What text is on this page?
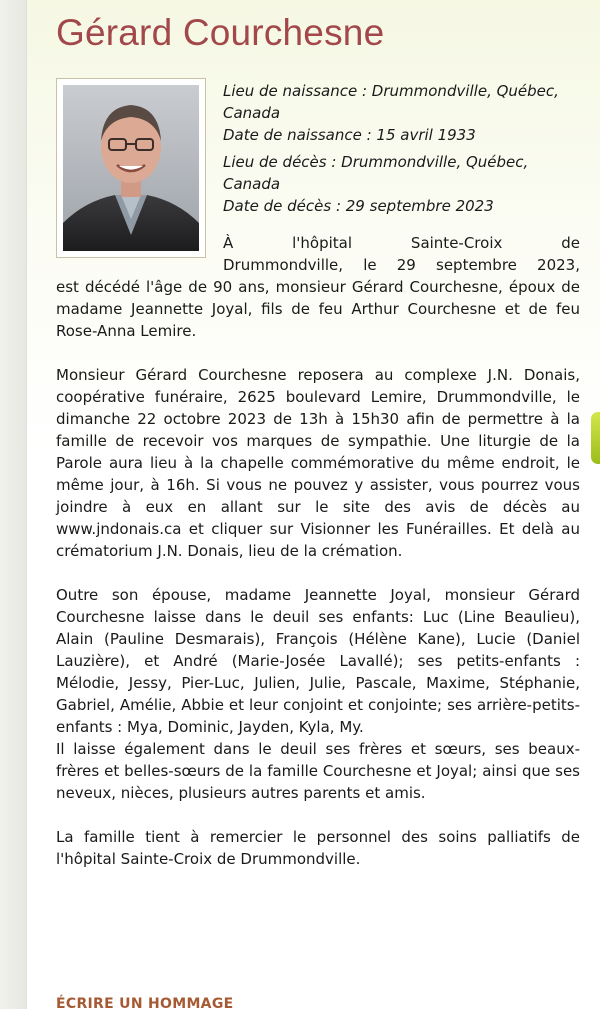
Gérard Courchesne

Lieu de naissance : Drummondville, Québec, Canada

Date de naissance : 15 avril 1933

Lieu de décès : Drummondville, Québec, Canada

Date de décès : 29 septembre 2023

À l'hôpital Sainte-Croix de
Drummondville, le 29 septembre 2023,

est décédé l'âge de 90 ans, monsieur Gérard Courchesne, époux de madame Jeannette Joyal, fils de feu Arthur Courchesne et de feu Rose-Anna Lemire.

Monsieur Gérard Courchesne reposera au complexe J.N. Donais, coopérative funéraire, 2625 boulevard Lemire, Drummondville, le dimanche 22 octobre 2023 de 13h à 15h30 afin de permettre à la famille de recevoir vos marques de sympathie. Une liturgie de la Parole aura lieu à la chapelle commémorative du même endroit, le même jour, à 16h. Si vous ne pouvez y assister, vous pourrez vous joindre à eux en allant sur le site des avis de décès au www.jndonais.ca et cliquer sur Visionner les Funérailles. Et delà au crématorium J.N. Donais, lieu de la crémation.

Outre son épouse, madame Jeannette Joyal, monsieur Gérard Courchesne laisse dans le deuil ses enfants: Luc (Line Beaulieu), Alain (Pauline Desmarais), François (Hélène Kane), Lucie (Daniel Lauzière), et André (Marie-Josée Lavallé); ses petits-enfants : Mélodie, Jessy, Pier-Luc, Julien, Julie, Pascale, Maxime, Stéphanie, Gabriel, Amélie, Abbie et leur conjoint et conjointe; ses arrière-petits-enfants : Mya, Dominic, Jayden, Kyla, My.

Il laisse également dans le deuil ses frères et sœurs, ses beaux-frères et belles-sœurs de la famille Courchesne et Joyal; ainsi que ses neveux, nièces, plusieurs autres parents et amis.

La famille tient à remercier le personnel des soins palliatifs de l'hôpital Sainte-Croix de Drummondville.

ÉCRIRE UN HOMMAGE
